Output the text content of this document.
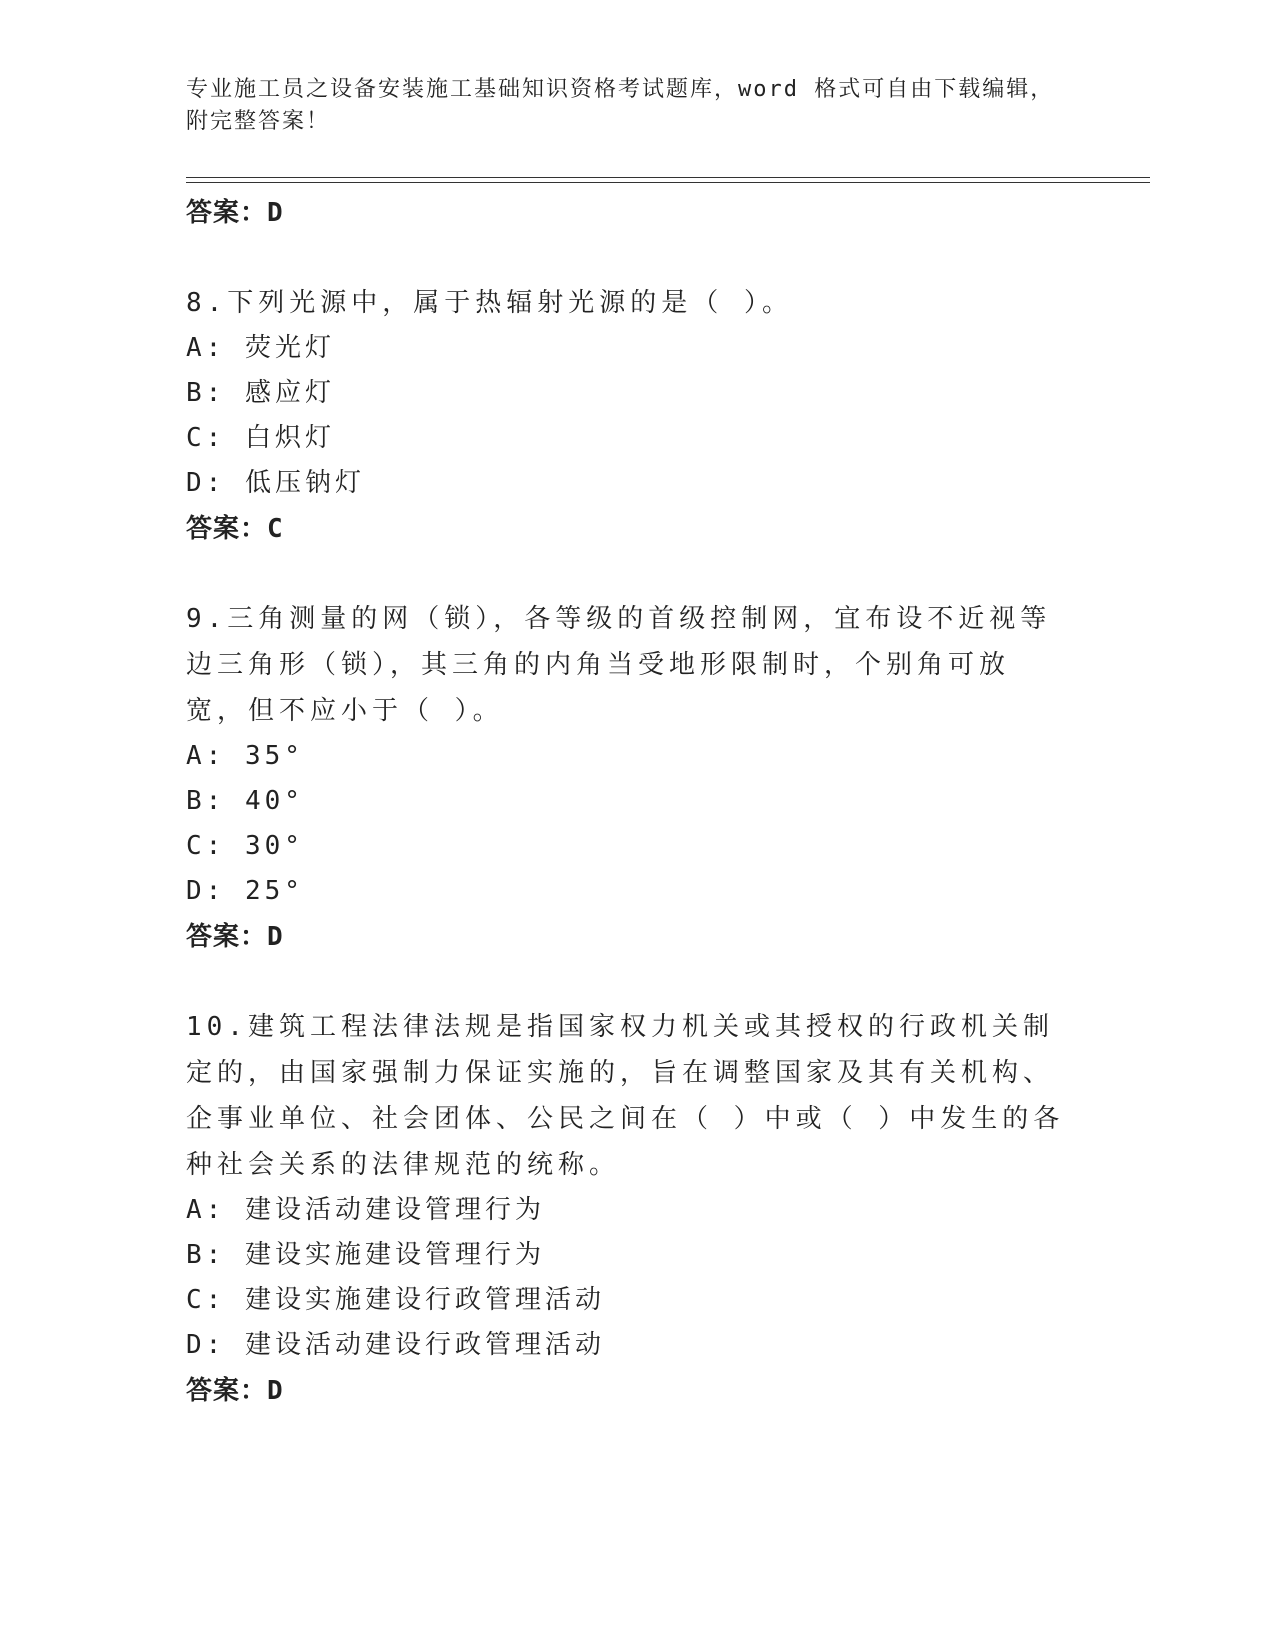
专业施工员之设备安装施工基础知识资格考试题库，word 格式可自由下载编辑，附完整答案！
答案：D
8.下列光源中，属于热辐射光源的是（ ）。
A: 荧光灯
B: 感应灯
C: 白炽灯
D: 低压钠灯
答案：C
9.三角测量的网（锁），各等级的首级控制网，宜布设不近视等边三角形（锁），其三角的内角当受地形限制时，个别角可放宽，但不应小于（ ）。
A: 35°
B: 40°
C: 30°
D: 25°
答案：D
10.建筑工程法律法规是指国家权力机关或其授权的行政机关制定的，由国家强制力保证实施的，旨在调整国家及其有关机构、企事业单位、社会团体、公民之间在（ ）中或（ ）中发生的各种社会关系的法律规范的统称。
A: 建设活动建设管理行为
B: 建设实施建设管理行为
C: 建设实施建设行政管理活动
D: 建设活动建设行政管理活动
答案：D
